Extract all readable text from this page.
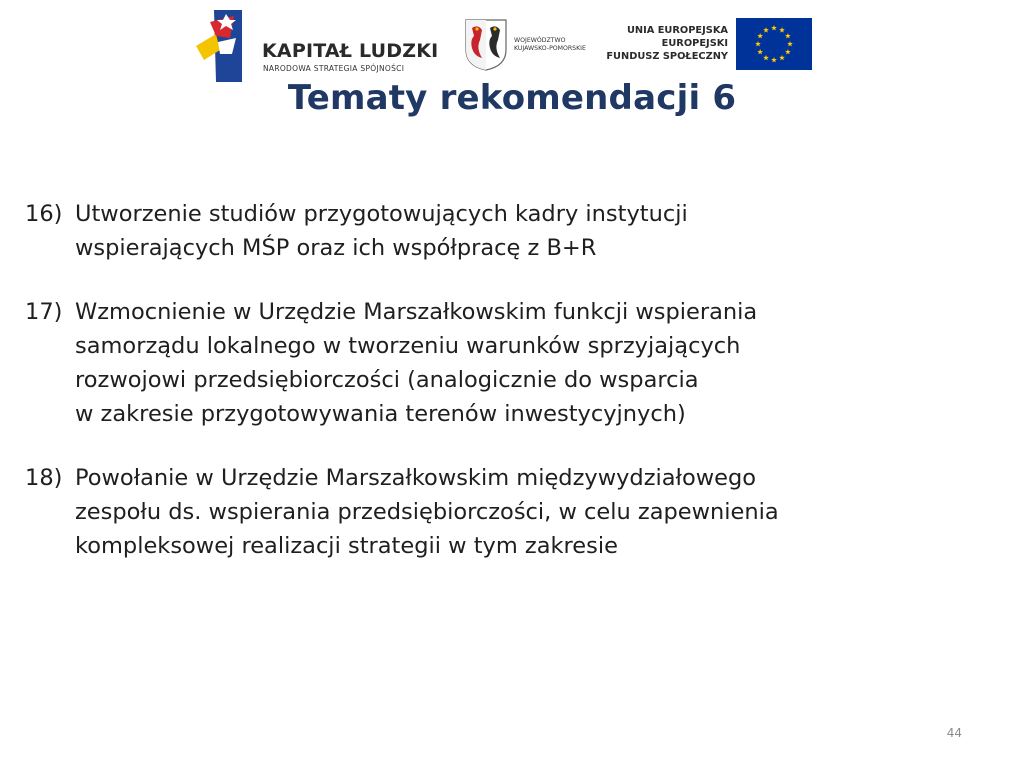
KAPITAŁ LUDZKI
NARODOWA STRATEGIA SPÓJNOŚCI
WOJEWÓDZTWO
KUJAWSKO-POMORSKIE
UNIA EUROPEJSKA
EUROPEJSKI
FUNDUSZ SPOŁECZNY
Tematy rekomendacji 6
16) Utworzenie studiów przygotowujących kadry instytucji
wspierających MŚP oraz ich współpracę z B+R
17) Wzmocnienie w Urzędzie Marszałkowskim funkcji wspierania
samorządu lokalnego w tworzeniu warunków sprzyjających
rozwojowi przedsiębiorczości (analogicznie do wsparcia
w zakresie przygotowywania terenów inwestycyjnych)
18) Powołanie w Urzędzie Marszałkowskim międzywydziałowego
zespołu ds. wspierania przedsiębiorczości, w celu zapewnienia
kompleksowej realizacji strategii w tym zakresie
44
